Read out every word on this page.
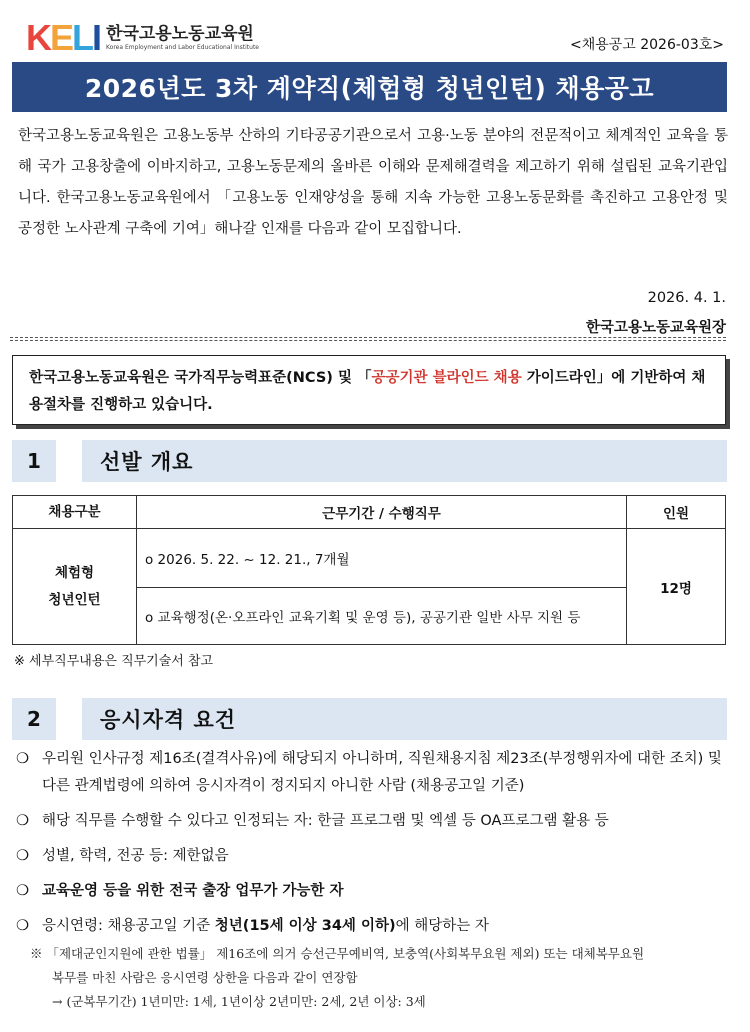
K E L I 한국고용노동교육원
Korea Employment and Labor Educational Institute	<채용공고 2026-03호>
2026년도 3차 계약직(체험형 청년인턴) 채용공고
한국고용노동교육원은 고용노동부 산하의 기타공공기관으로서 고용·노동 분야의 전문적이고 체계적인 교육을 통해 국가 고용창출에 이바지하고, 고용노동문제의 올바른 이해와 문제해결력을 제고하기 위해 설립된 교육기관입니다. 한국고용노동교육원에서 「고용노동 인재양성을 통해 지속 가능한 고용노동문화를 촉진하고 고용안정 및 공정한 노사관계 구축에 기여」해나갈 인재를 다음과 같이 모집합니다.
2026. 4. 1.
한국고용노동교육원장
한국고용노동교육원은 국가직무능력표준(NCS) 및 「공공기관 블라인드 채용 가이드라인」에 기반하여 채용절차를 진행하고 있습니다.
1	선발 개요
채용구분	근무기간 / 수행직무	인원

체험형
청년인턴	o 2026. 5. 22. ~ 12. 21., 7개월	12명
	o 교육행정(온·오프라인 교육기획 및 운영 등), 공공기관 일반 사무 지원 등	
※ 세부직무내용은 직무기술서 참고
2	응시자격 요건
❍ 우리원 인사규정 제16조(결격사유)에 해당되지 아니하며, 직원채용지침 제23조(부정행위자에 대한 조치) 및 다른 관계법령에 의하여 응시자격이 정지되지 아니한 사람 (채용공고일 기준)
❍ 해당 직무를 수행할 수 있다고 인정되는 자: 한글 프로그램 및 엑셀 등 OA프로그램 활용 등
❍ 성별, 학력, 전공 등: 제한없음
❍ 교육운영 등을 위한 전국 출장 업무가 가능한 자
❍ 응시연령: 채용공고일 기준 청년(15세 이상 34세 이하)에 해당하는 자
※ 「제대군인지원에 관한 법률」 제16조에 의거 승선근무예비역, 보충역(사회복무요원 제외) 또는 대체복무요원
복무를 마친 사람은 응시연령 상한을 다음과 같이 연장함
→ (군복무기간) 1년미만: 1세, 1년이상 2년미만: 2세, 2년 이상: 3세
